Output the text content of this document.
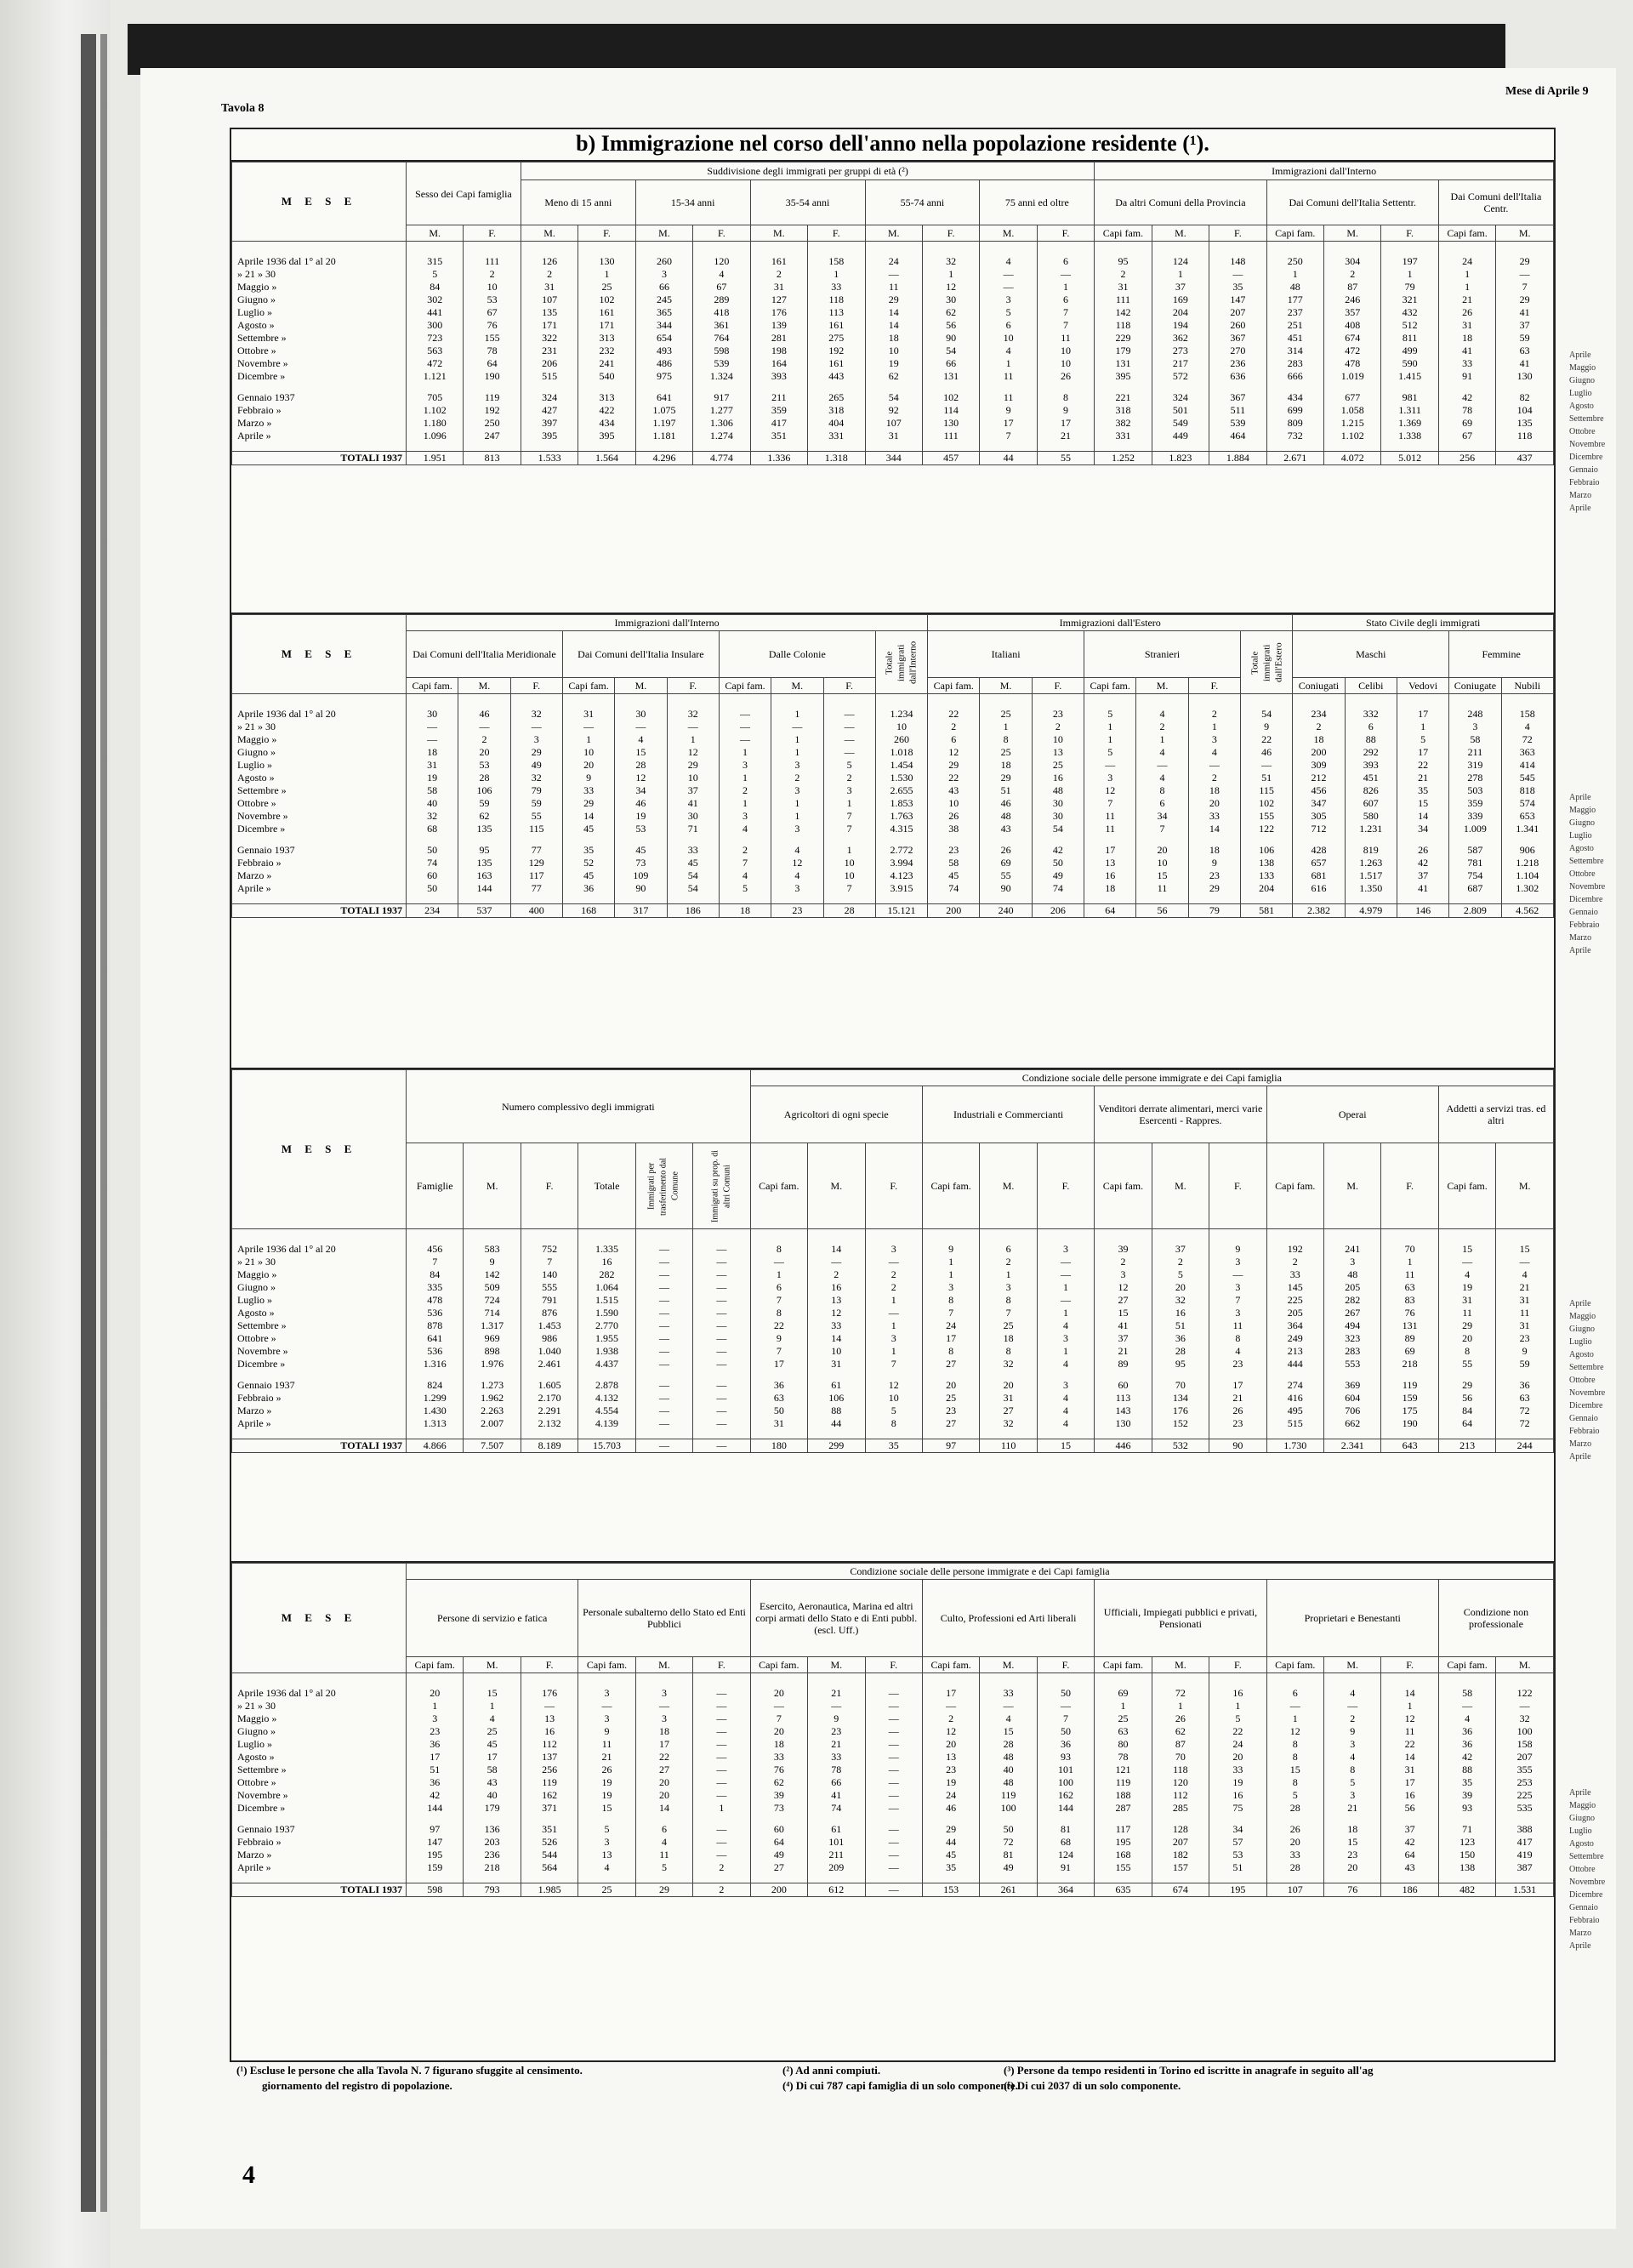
Tavola 8
Mese di Aprile 9
b) Immigrazione nel corso dell'anno nella popolazione residente (¹).
M E S E	Sesso dei Capi famiglia		Suddivisione degli immigrati per gruppi di età (²)										Immigrazioni dall'Interno							
			Meno di 15 anni		15-34 anni		35-54 anni		55-74 anni		75 anni ed oltre		Da altri Comuni della Provincia			Dai Comuni dell'Italia Settentr.			Dai Comuni dell'Italia Centr.	
	M.	F.	M.	F.	M.	F.	M.	F.	M.	F.	M.	F.	Capi fam.	M.	F.	Capi fam.	M.	F.	Capi fam.	M.

Aprile 1936 dal 1° al 20	315	111	126	130	260	120	161	158	24	32	4	6	95	124	148	250	304	197	24	29
» 21 » 30	5	2	2	1	3	4	2	1	—	1	—	—	2	1	—	1	2	1	1	—
Maggio »	84	10	31	25	66	67	31	33	11	12	—	1	31	37	35	48	87	79	1	7
Giugno »	302	53	107	102	245	289	127	118	29	30	3	6	111	169	147	177	246	321	21	29
Luglio »	441	67	135	161	365	418	176	113	14	62	5	7	142	204	207	237	357	432	26	41
Agosto »	300	76	171	171	344	361	139	161	14	56	6	7	118	194	260	251	408	512	31	37
Settembre »	723	155	322	313	654	764	281	275	18	90	10	11	229	362	367	451	674	811	18	59
Ottobre »	563	78	231	232	493	598	198	192	10	54	4	10	179	273	270	314	472	499	41	63
Novembre »	472	64	206	241	486	539	164	161	19	66	1	10	131	217	236	283	478	590	33	41
Dicembre »	1.121	190	515	540	975	1.324	393	443	62	131	11	26	395	572	636	666	1.019	1.415	91	130

Gennaio 1937	705	119	324	313	641	917	211	265	54	102	11	8	221	324	367	434	677	981	42	82
Febbraio »	1.102	192	427	422	1.075	1.277	359	318	92	114	9	9	318	501	511	699	1.058	1.311	78	104
Marzo »	1.180	250	397	434	1.197	1.306	417	404	107	130	17	17	382	549	539	809	1.215	1.369	69	135
Aprile »	1.096	247	395	395	1.181	1.274	351	331	31	111	7	21	331	449	464	732	1.102	1.338	67	118

TOTALI 1937	1.951	813	1.533	1.564	4.296	4.774	1.336	1.318	344	457	44	55	1.252	1.823	1.884	2.671	4.072	5.012	256	437
M E S E	Immigrazioni dall'Interno										Immigrazioni dall'Estero							Stato Civile degli immigrati				
	Dai Comuni dell'Italia Meridionale			Dai Comuni dell'Italia Insulare			Dalle Colonie			Totale immigrati dall'Interno	Italiani			Stranieri			Totale immigrati dall'Estero	Maschi			Femmine	
	Capi fam.	M.	F.	Capi fam.	M.	F.	Capi fam.	M.	F.		Capi fam.	M.	F.	Capi fam.	M.	F.		Coniugati	Celibi	Vedovi	Coniugate	Nubili

Aprile 1936 dal 1° al 20	30	46	32	31	30	32	—	1	—	1.234	22	25	23	5	4	2	54	234	332	17	248	158
» 21 » 30	—	—	—	—	—	—	—	—	—	10	2	1	2	1	2	1	9	2	6	1	3	4
Maggio »	—	2	3	1	4	1	—	1	—	260	6	8	10	1	1	3	22	18	88	5	58	72
Giugno »	18	20	29	10	15	12	1	1	—	1.018	12	25	13	5	4	4	46	200	292	17	211	363
Luglio »	31	53	49	20	28	29	3	3	5	1.454	29	18	25	—	—	—	—	309	393	22	319	414
Agosto »	19	28	32	9	12	10	1	2	2	1.530	22	29	16	3	4	2	51	212	451	21	278	545
Settembre »	58	106	79	33	34	37	2	3	3	2.655	43	51	48	12	8	18	115	456	826	35	503	818
Ottobre »	40	59	59	29	46	41	1	1	1	1.853	10	46	30	7	6	20	102	347	607	15	359	574
Novembre »	32	62	55	14	19	30	3	1	7	1.763	26	48	30	11	34	33	155	305	580	14	339	653
Dicembre »	68	135	115	45	53	71	4	3	7	4.315	38	43	54	11	7	14	122	712	1.231	34	1.009	1.341

Gennaio 1937	50	95	77	35	45	33	2	4	1	2.772	23	26	42	17	20	18	106	428	819	26	587	906
Febbraio »	74	135	129	52	73	45	7	12	10	3.994	58	69	50	13	10	9	138	657	1.263	42	781	1.218
Marzo »	60	163	117	45	109	54	4	4	10	4.123	45	55	49	16	15	23	133	681	1.517	37	754	1.104
Aprile »	50	144	77	36	90	54	5	3	7	3.915	74	90	74	18	11	29	204	616	1.350	41	687	1.302

TOTALI 1937	234	537	400	168	317	186	18	23	28	15.121	200	240	206	64	56	79	581	2.382	4.979	146	2.809	4.562
M E S E	Numero complessivo degli immigrati						Condizione sociale delle persone immigrate e dei Capi famiglia													
							Agricoltori di ogni specie			Industriali e Commercianti			Venditori derrate alimentari, merci varie Esercenti - Rappres.			Operai			Addetti a servizi tras. ed altri	
	Famiglie	M.	F.	Totale	Immigrati per trasferimento dal Comune	Immigrati su prop. di altri Comuni	Capi fam.	M.	F.	Capi fam.	M.	F.	Capi fam.	M.	F.	Capi fam.	M.	F.	Capi fam.	M.

Aprile 1936 dal 1° al 20	456	583	752	1.335	—	—	8	14	3	9	6	3	39	37	9	192	241	70	15	15
» 21 » 30	7	9	7	16	—	—	—	—	—	1	2	—	2	2	3	2	3	1	—	—
Maggio »	84	142	140	282	—	—	1	2	2	1	1	—	3	5	—	33	48	11	4	4
Giugno »	335	509	555	1.064	—	—	6	16	2	3	3	1	12	20	3	145	205	63	19	21
Luglio »	478	724	791	1.515	—	—	7	13	1	8	8	—	27	32	7	225	282	83	31	31
Agosto »	536	714	876	1.590	—	—	8	12	—	7	7	1	15	16	3	205	267	76	11	11
Settembre »	878	1.317	1.453	2.770	—	—	22	33	1	24	25	4	41	51	11	364	494	131	29	31
Ottobre »	641	969	986	1.955	—	—	9	14	3	17	18	3	37	36	8	249	323	89	20	23
Novembre »	536	898	1.040	1.938	—	—	7	10	1	8	8	1	21	28	4	213	283	69	8	9
Dicembre »	1.316	1.976	2.461	4.437	—	—	17	31	7	27	32	4	89	95	23	444	553	218	55	59

Gennaio 1937	824	1.273	1.605	2.878	—	—	36	61	12	20	20	3	60	70	17	274	369	119	29	36
Febbraio »	1.299	1.962	2.170	4.132	—	—	63	106	10	25	31	4	113	134	21	416	604	159	56	63
Marzo »	1.430	2.263	2.291	4.554	—	—	50	88	5	23	27	4	143	176	26	495	706	175	84	72
Aprile »	1.313	2.007	2.132	4.139	—	—	31	44	8	27	32	4	130	152	23	515	662	190	64	72

TOTALI 1937	4.866	7.507	8.189	15.703	—	—	180	299	35	97	110	15	446	532	90	1.730	2.341	643	213	244
M E S E	Condizione sociale delle persone immigrate e dei Capi famiglia																			
	Persone di servizio e fatica			Personale subalterno dello Stato ed Enti Pubblici			Esercito, Aeronautica, Marina ed altri corpi armati dello Stato e di Enti pubbl. (escl. Uff.)			Culto, Professioni ed Arti liberali			Ufficiali, Impiegati pubblici e privati, Pensionati			Proprietari e Benestanti			Condizione non professionale	
	Capi fam.	M.	F.	Capi fam.	M.	F.	Capi fam.	M.	F.	Capi fam.	M.	F.	Capi fam.	M.	F.	Capi fam.	M.	F.	Capi fam.	M.

Aprile 1936 dal 1° al 20	20	15	176	3	3	—	20	21	—	17	33	50	69	72	16	6	4	14	58	122
» 21 » 30	1	1	—	—	—	—	—	—	—	—	—	—	1	1	1	—	—	1	—	—
Maggio »	3	4	13	3	3	—	7	9	—	2	4	7	25	26	5	1	2	12	4	32
Giugno »	23	25	16	9	18	—	20	23	—	12	15	50	63	62	22	12	9	11	36	100
Luglio »	36	45	112	11	17	—	18	21	—	20	28	36	80	87	24	8	3	22	36	158
Agosto »	17	17	137	21	22	—	33	33	—	13	48	93	78	70	20	8	4	14	42	207
Settembre »	51	58	256	26	27	—	76	78	—	23	40	101	121	118	33	15	8	31	88	355
Ottobre »	36	43	119	19	20	—	62	66	—	19	48	100	119	120	19	8	5	17	35	253
Novembre »	42	40	162	19	20	—	39	41	—	24	119	162	188	112	16	5	3	16	39	225
Dicembre »	144	179	371	15	14	1	73	74	—	46	100	144	287	285	75	28	21	56	93	535

Gennaio 1937	97	136	351	5	6	—	60	61	—	29	50	81	117	128	34	26	18	37	71	388
Febbraio »	147	203	526	3	4	—	64	101	—	44	72	68	195	207	57	20	15	42	123	417
Marzo »	195	236	544	13	11	—	49	211	—	45	81	124	168	182	53	33	23	64	150	419
Aprile »	159	218	564	4	5	2	27	209	—	35	49	91	155	157	51	28	20	43	138	387

TOTALI 1937	598	793	1.985	25	29	2	200	612	—	153	261	364	635	674	195	107	76	186	482	1.531
(¹) Escluse le persone che alla Tavola N. 7 figurano sfuggite al censimento.
giornamento del registro di popolazione.
(²) Ad anni compiuti.
(⁴) Di cui 787 capi famiglia di un solo componente.
(³) Persone da tempo residenti in Torino ed iscritte in anagrafe in seguito all'ag
(⁵) Di cui 2037 di un solo componente.
4
Aprile
Maggio
Giugno
Luglio
Agosto
Settembre
Ottobre
Novembre
Dicembre
Gennaio
Febbraio
Marzo
Aprile
Aprile
Maggio
Giugno
Luglio
Agosto
Settembre
Ottobre
Novembre
Dicembre
Gennaio
Febbraio
Marzo
Aprile
Aprile
Maggio
Giugno
Luglio
Agosto
Settembre
Ottobre
Novembre
Dicembre
Gennaio
Febbraio
Marzo
Aprile
Aprile
Maggio
Giugno
Luglio
Agosto
Settembre
Ottobre
Novembre
Dicembre
Gennaio
Febbraio
Marzo
Aprile
